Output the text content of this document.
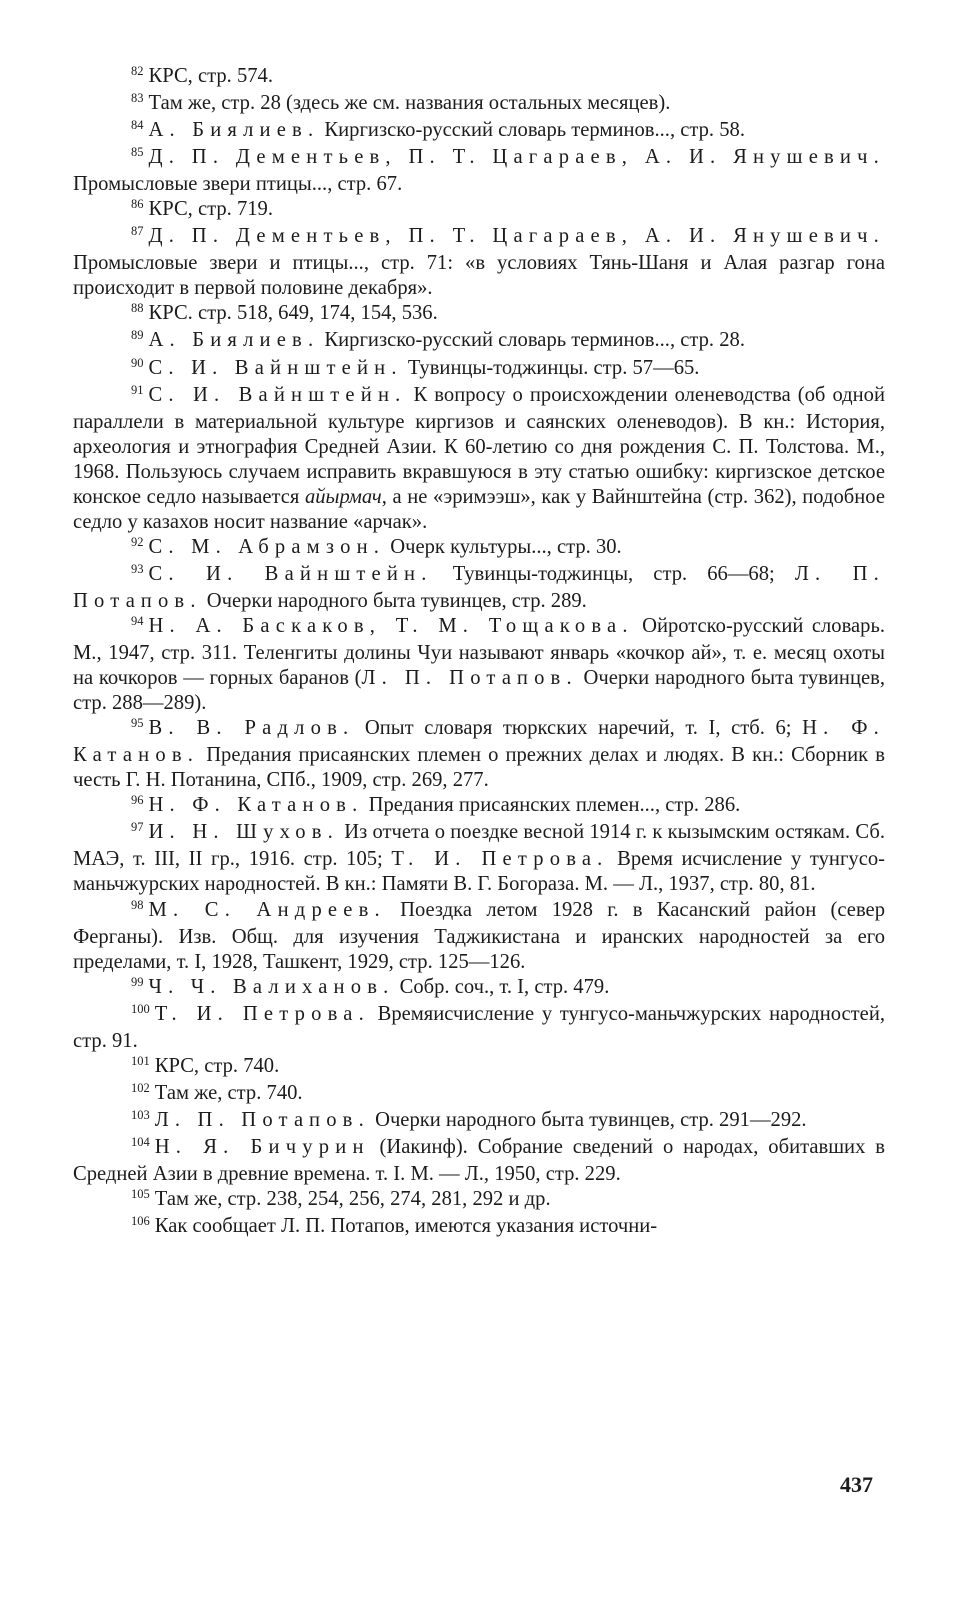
$^{82}$ КРС, стр. 574.

$^{83}$ Там же, стр. 28 (здесь же см. названия остальных месяцев).

$^{84}$ А. Биялиев. Киргизско-русский словарь терминов..., стр. 58.

$^{85}$ Д. П. Дементьев, П. Т. Цагараев, А. И. Янушевич. Промысловые звери птицы..., стр. 67.

$^{86}$ КРС, стр. 719.

$^{87}$ Д. П. Дементьев, П. Т. Цагараев, А. И. Янушевич. Промысловые звери и птицы..., стр. 71: «в условиях Тянь-Шаня и Алая разгар гона происходит в первой половине декабря».

$^{88}$ КРС. стр. 518, 649, 174, 154, 536.

$^{89}$ А. Биялиев. Киргизско-русский словарь терминов..., стр. 28.

$^{90}$ С. И. Вайнштейн. Тувинцы-тоджинцы. стр. 57—65.

$^{91}$ С. И. Вайнштейн. К вопросу о происхождении оленеводства (об одной параллели в материальной культуре киргизов и саянских оленеводов). В кн.: История, археология и этнография Средней Азии. К 60-летию со дня рождения С. П. Толстова. М., 1968. Пользуюсь случаем исправить вкравшуюся в эту статью ошибку: киргизское детское конское седло называется айырмач, а не «эримээш», как у Вайнштейна (стр. 362), подобное седло у казахов носит название «арчак».

$^{92}$ С. М. Абрамзон. Очерк культуры..., стр. 30.

$^{93}$ С. И. Вайнштейн. Тувинцы-тоджинцы, стр. 66—68; Л. П. Потапов. Очерки народного быта тувинцев, стр. 289.

$^{94}$ Н. А. Баскаков, Т. М. Тощакова. Ойротско-русский словарь. М., 1947, стр. 311. Теленгиты долины Чуи называют январь «кочкор ай», т. е. месяц охоты на кочкоров — горных баранов (Л. П. Потапов. Очерки народного быта тувинцев, стр. 288—289).

$^{95}$ В. В. Радлов. Опыт словаря тюркских наречий, т. I, стб. 6; Н. Ф. Катанов. Предания присаянских племен о прежних делах и людях. В кн.: Сборник в честь Г. Н. Потанина, СПб., 1909, стр. 269, 277.

$^{96}$ Н. Ф. Катанов. Предания присаянских племен..., стр. 286.

$^{97}$ И. Н. Шухов. Из отчета о поездке весной 1914 г. к кызымским остякам. Сб. МАЭ, т. III, II гр., 1916. стр. 105; Т. И. Петрова. Время исчисление у тунгусо-маньчжурских народностей. В кн.: Памяти В. Г. Богораза. М. — Л., 1937, стр. 80, 81.

$^{98}$ М. С. Андреев. Поездка летом 1928 г. в Касанский район (север Ферганы). Изв. Общ. для изучения Таджикистана и иранских народностей за его пределами, т. I, 1928, Ташкент, 1929, стр. 125—126.

$^{99}$ Ч. Ч. Валиханов. Собр. соч., т. I, стр. 479.

$^{100}$ Т. И. Петрова. Времяисчисление у тунгусо-маньчжурских народностей, стр. 91.

$^{101}$ КРС, стр. 740.

$^{102}$ Там же, стр. 740.

$^{103}$ Л. П. Потапов. Очерки народного быта тувинцев, стр. 291—292.

$^{104}$ Н. Я. Бичурин (Иакинф). Собрание сведений о народах, обитавших в Средней Азии в древние времена. т. I. М. — Л., 1950, стр. 229.

$^{105}$ Там же, стр. 238, 254, 256, 274, 281, 292 и др.

$^{106}$ Как сообщает Л. П. Потапов, имеются указания источни-

437
